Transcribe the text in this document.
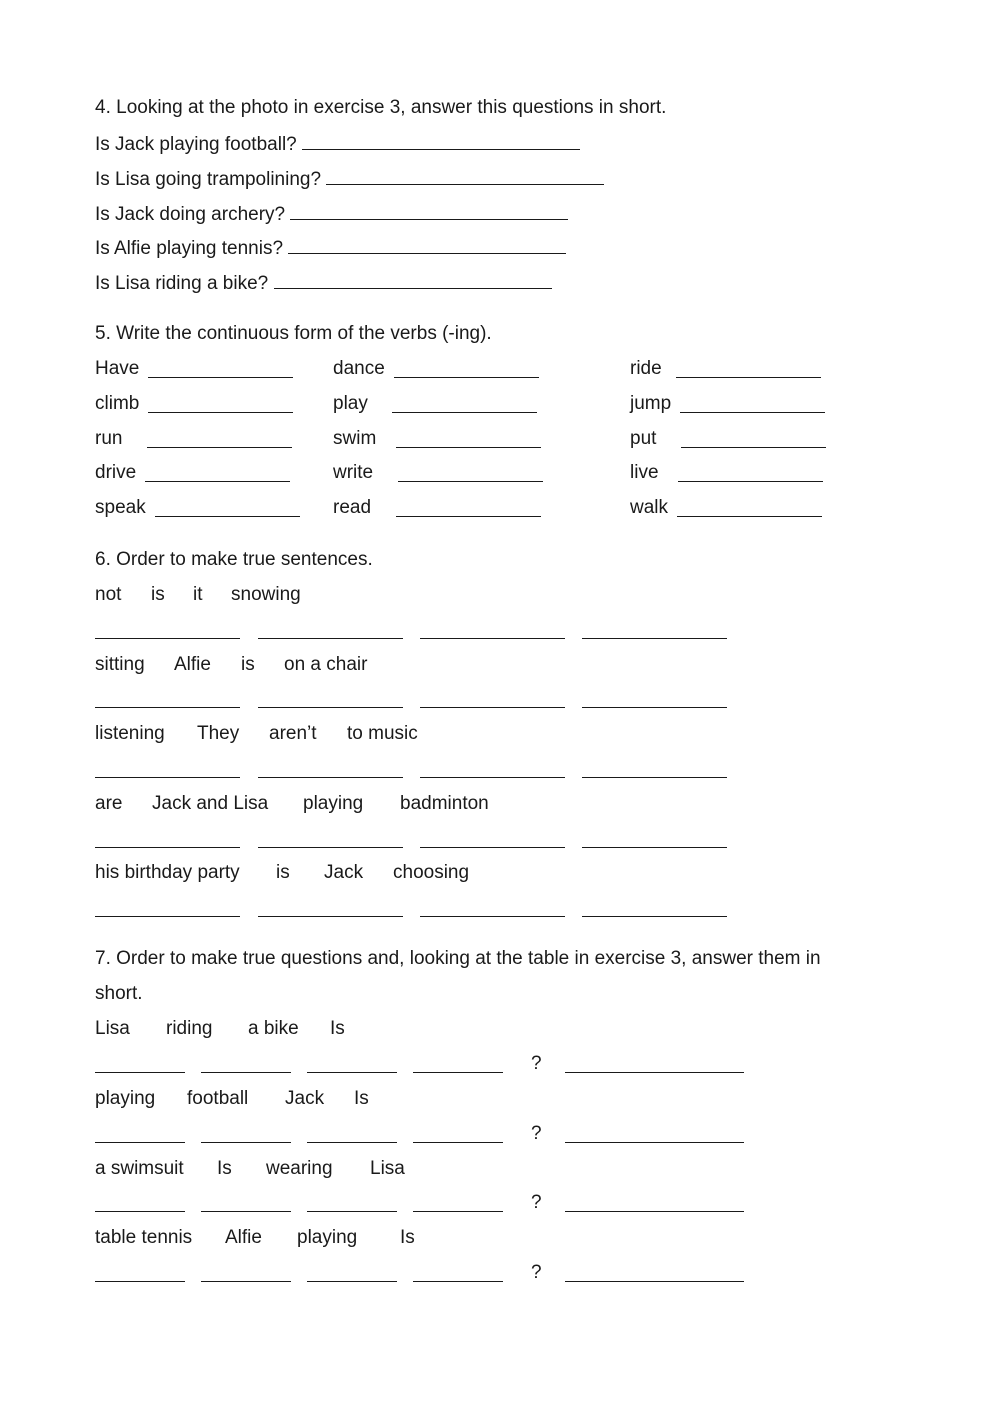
4. Looking at the photo in exercise 3, answer this questions in short.
Is Jack playing football?
Is Lisa going trampolining?
Is Jack doing archery?
Is Alfie playing tennis?
Is Lisa riding a bike?
5. Write the continuous form of the verbs (-ing).
Have
climb
run
drive
speak
dance
play
swim
write
read
ride
jump
put
live
walk
6. Order to make true sentences.
not is it snowing
sitting Alfie is on a chair
listening They aren’t to music
are Jack and Lisa playing badminton
his birthday party is Jack choosing
7. Order to make true questions and, looking at the table in exercise 3, answer them in
short.
Lisa riding a bike Is
?
playing football Jack Is
?
a swimsuit Is wearing Lisa
?
table tennis Alfie playing Is
?
